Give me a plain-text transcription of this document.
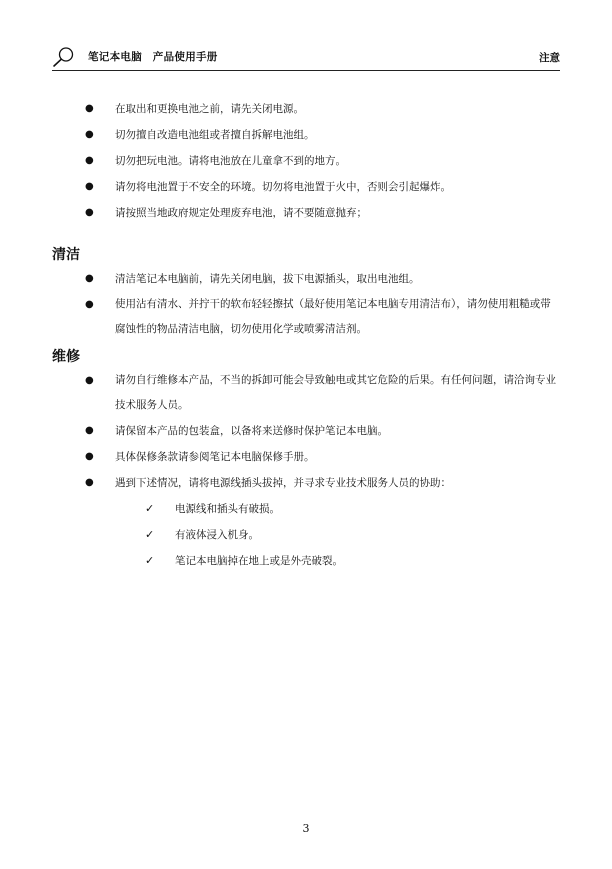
笔记本电脑　产品使用手册	注意
● 在取出和更换电池之前，请先关闭电源。
● 切勿擅自改造电池组或者擅自拆解电池组。
● 切勿把玩电池。请将电池放在儿童拿不到的地方。
● 请勿将电池置于不安全的环境。切勿将电池置于火中，否则会引起爆炸。
● 请按照当地政府规定处理废弃电池，请不要随意抛弃；
清洁
● 清洁笔记本电脑前，请先关闭电脑，拔下电源插头，取出电池组。
● 使用沾有清水、并拧干的软布轻轻擦拭（最好使用笔记本电脑专用清洁布），请勿使用粗糙或带腐蚀性的物品清洁电脑，切勿使用化学或喷雾清洁剂。
维修
● 请勿自行维修本产品，不当的拆卸可能会导致触电或其它危险的后果。有任何问题，请洽询专业技术服务人员。
● 请保留本产品的包装盒，以备将来送修时保护笔记本电脑。
● 具体保修条款请参阅笔记本电脑保修手册。
● 遇到下述情况，请将电源线插头拔掉，并寻求专业技术服务人员的协助：
✓ 电源线和插头有破损。
✓ 有液体浸入机身。
✓ 笔记本电脑掉在地上或是外壳破裂。
3
